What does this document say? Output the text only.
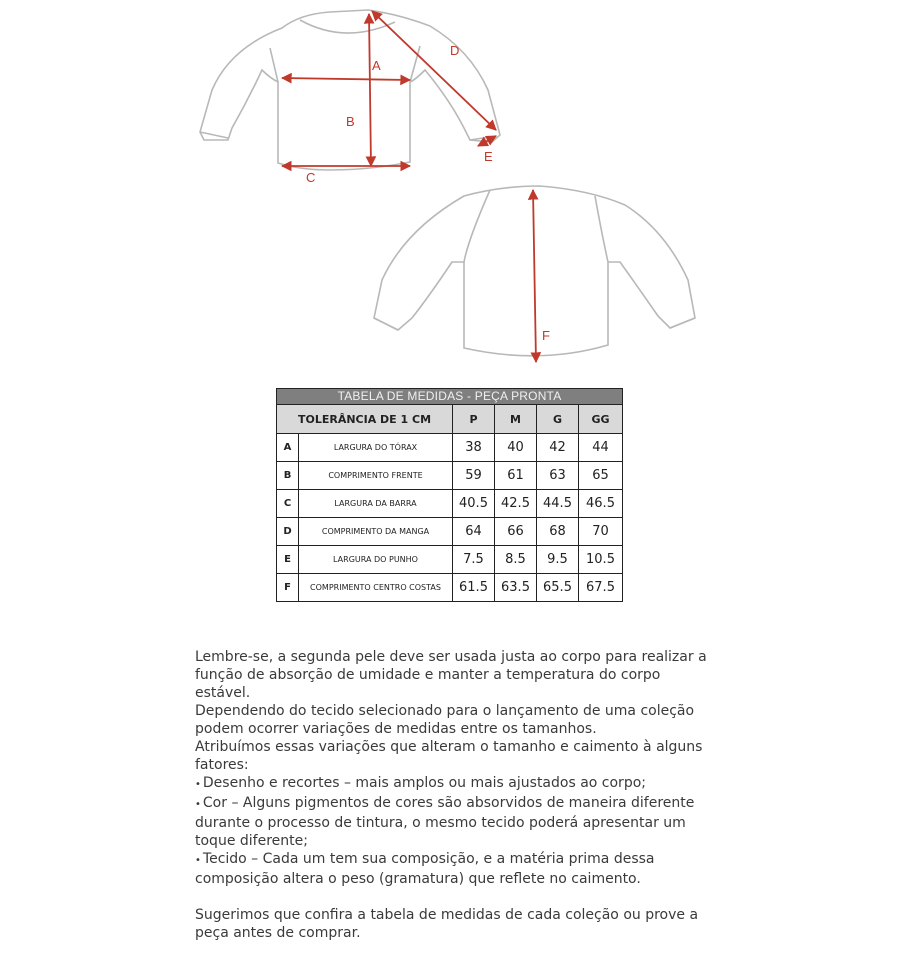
A
B
C
D
E
F
TABELA DE MEDIDAS - PEÇA PRONTA					
TOLERÂNCIA DE 1 CM		P	M	G	GG
A	LARGURA DO TÓRAX	38	40	42	44
B	COMPRIMENTO FRENTE	59	61	63	65
C	LARGURA DA BARRA	40.5	42.5	44.5	46.5
D	COMPRIMENTO DA MANGA	64	66	68	70
E	LARGURA DO PUNHO	7.5	8.5	9.5	10.5
F	COMPRIMENTO CENTRO COSTAS	61.5	63.5	65.5	67.5

Lembre-se, a segunda pele deve ser usada justa ao corpo para realizar a função de absorção de umidade e manter a temperatura do corpo estável.

Dependendo do tecido selecionado para o lançamento de uma coleção podem ocorrer variações de medidas entre os tamanhos.

Atribuímos essas variações que alteram o tamanho e caimento à alguns fatores:

• Desenho e recortes – mais amplos ou mais ajustados ao corpo;

• Cor – Alguns pigmentos de cores são absorvidos de maneira diferente durante o processo de tintura, o mesmo tecido poderá apresentar um toque diferente;

• Tecido – Cada um tem sua composição, e a matéria prima dessa composição altera o peso (gramatura) que reflete no caimento.

Sugerimos que confira a tabela de medidas de cada coleção ou prove a peça antes de comprar.
